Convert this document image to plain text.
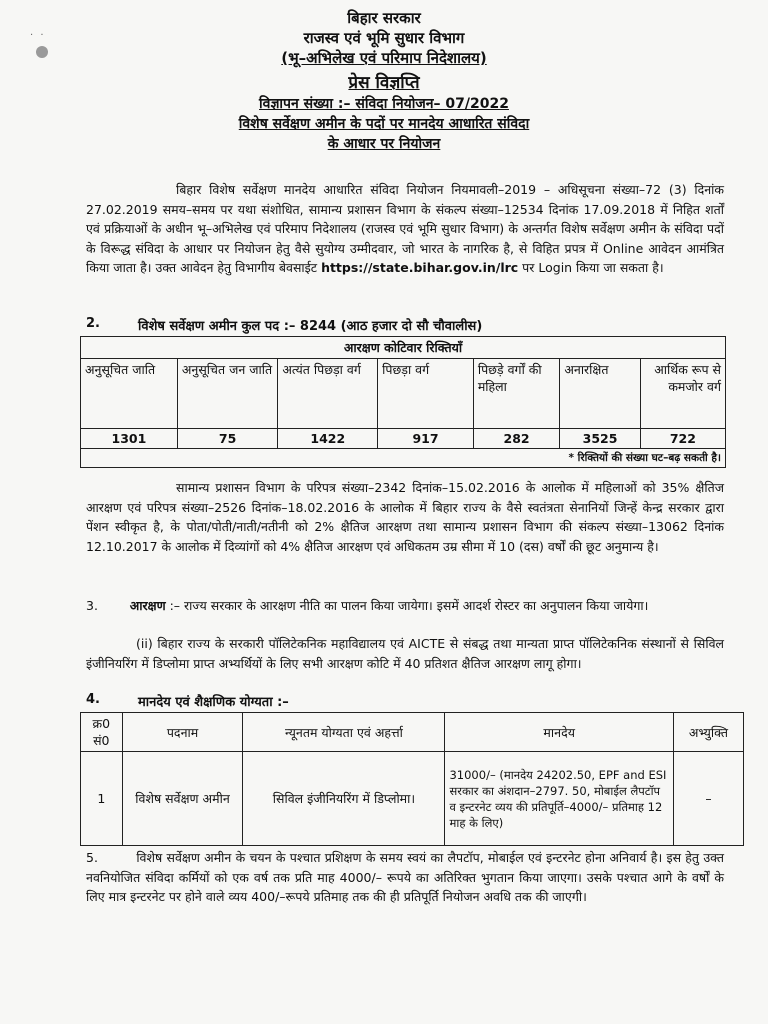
· ·
बिहार सरकार
राजस्व एवं भूमि सुधार विभाग
(भू–अभिलेख एवं परिमाप निदेशालय)
प्रेस विज्ञप्ति
विज्ञापन संख्या :– संविदा नियोजन– 07/2022
विशेष सर्वेक्षण अमीन के पदों पर मानदेय आधारित संविदा
के आधार पर नियोजन
बिहार विशेष सर्वेक्षण मानदेय आधारित संविदा नियोजन नियमावली–2019 – अधिसूचना संख्या–72 (3) दिनांक 27.02.2019 समय–समय पर यथा संशोधित, सामान्य प्रशासन विभाग के संकल्प संख्या–12534 दिनांक 17.09.2018 में निहित शर्तों एवं प्रक्रियाओं के अधीन भू–अभिलेख एवं परिमाप निदेशालय (राजस्व एवं भूमि सुधार विभाग) के अन्तर्गत विशेष सर्वेक्षण अमीन के संविदा पदों के विरूद्ध संविदा के आधार पर नियोजन हेतु वैसे सुयोग्य उम्मीदवार, जो भारत के नागरिक है, से विहित प्रपत्र में Online आवेदन आमंत्रित किया जाता है। उक्त आवेदन हेतु विभागीय बेवसाईट https://state.bihar.gov.in/lrc पर Login किया जा सकता है।
2.	विशेष सर्वेक्षण अमीन कुल पद :– 8244 (आठ हजार दो सौ चौवालीस)
आरक्षण कोटिवार रिक्तियाँ						
अनुसूचित जाति	अनुसूचित जन जाति	अत्यंत पिछड़ा वर्ग	पिछड़ा वर्ग	पिछड़े वर्गों की महिला	अनारक्षित	आर्थिक रूप से कमजोर वर्ग
1301	75	1422	917	282	3525	722
* रिक्तियों की संख्या घट–बढ़ सकती है।						
सामान्य प्रशासन विभाग के परिपत्र संख्या–2342 दिनांक–15.02.2016 के आलोक में महिलाओं को 35% क्षैतिज आरक्षण एवं परिपत्र संख्या–2526 दिनांक–18.02.2016 के आलोक में बिहार राज्य के वैसे स्वतंत्रता सेनानियों जिन्हें केन्द्र सरकार द्वारा पेंशन स्वीकृत है, के पोता/पोती/नाती/नतीनी को 2% क्षैतिज आरक्षण तथा सामान्य प्रशासन विभाग की संकल्प संख्या–13062 दिनांक 12.10.2017 के आलोक में दिव्यांगों को 4% क्षैतिज आरक्षण एवं अधिकतम उम्र सीमा में 10 (दस) वर्षों की छूट अनुमान्य है।
3.	आरक्षण :– राज्य सरकार के आरक्षण नीति का पालन किया जायेगा। इसमें आदर्श रोस्टर का अनुपालन किया जायेगा।
(ii) बिहार राज्य के सरकारी पॉलिटेकनिक महाविद्यालय एवं AICTE से संबद्ध तथा मान्यता प्राप्त पॉलिटेकनिक संस्थानों से सिविल इंजीनियरिंग में डिप्लोमा प्राप्त अभ्यर्थियों के लिए सभी आरक्षण कोटि में 40 प्रतिशत क्षैतिज आरक्षण लागू होगा।
4.	मानदेय एवं शैक्षणिक योग्यता :–
क्र0 सं0	पदनाम	न्यूनतम योग्यता एवं अहर्त्ता	मानदेय	अभ्युक्ति
1	विशेष सर्वेक्षण अमीन	सिविल इंजीनियरिंग में डिप्लोमा।	31000/– (मानदेय 24202.50, EPF and ESI सरकार का अंशदान–2797. 50, मोबाईल लैपटॉप व इन्टरनेट व्यय की प्रतिपूर्ति–4000/– प्रतिमाह 12 माह के लिए)	–
5.	विशेष सर्वेक्षण अमीन के चयन के पश्चात प्रशिक्षण के समय स्वयं का लैपटॉप, मोबाईल एवं इन्टरनेट होना अनिवार्य है। इस हेतु उक्त नवनियोजित संविदा कर्मियों को एक वर्ष तक प्रति माह 4000/– रूपये का अतिरिक्त भुगतान किया जाएगा। उसके पश्चात आगे के वर्षों के लिए मात्र इन्टरनेट पर होने वाले व्यय 400/–रूपये प्रतिमाह तक की ही प्रतिपूर्ति नियोजन अवधि तक की जाएगी।
